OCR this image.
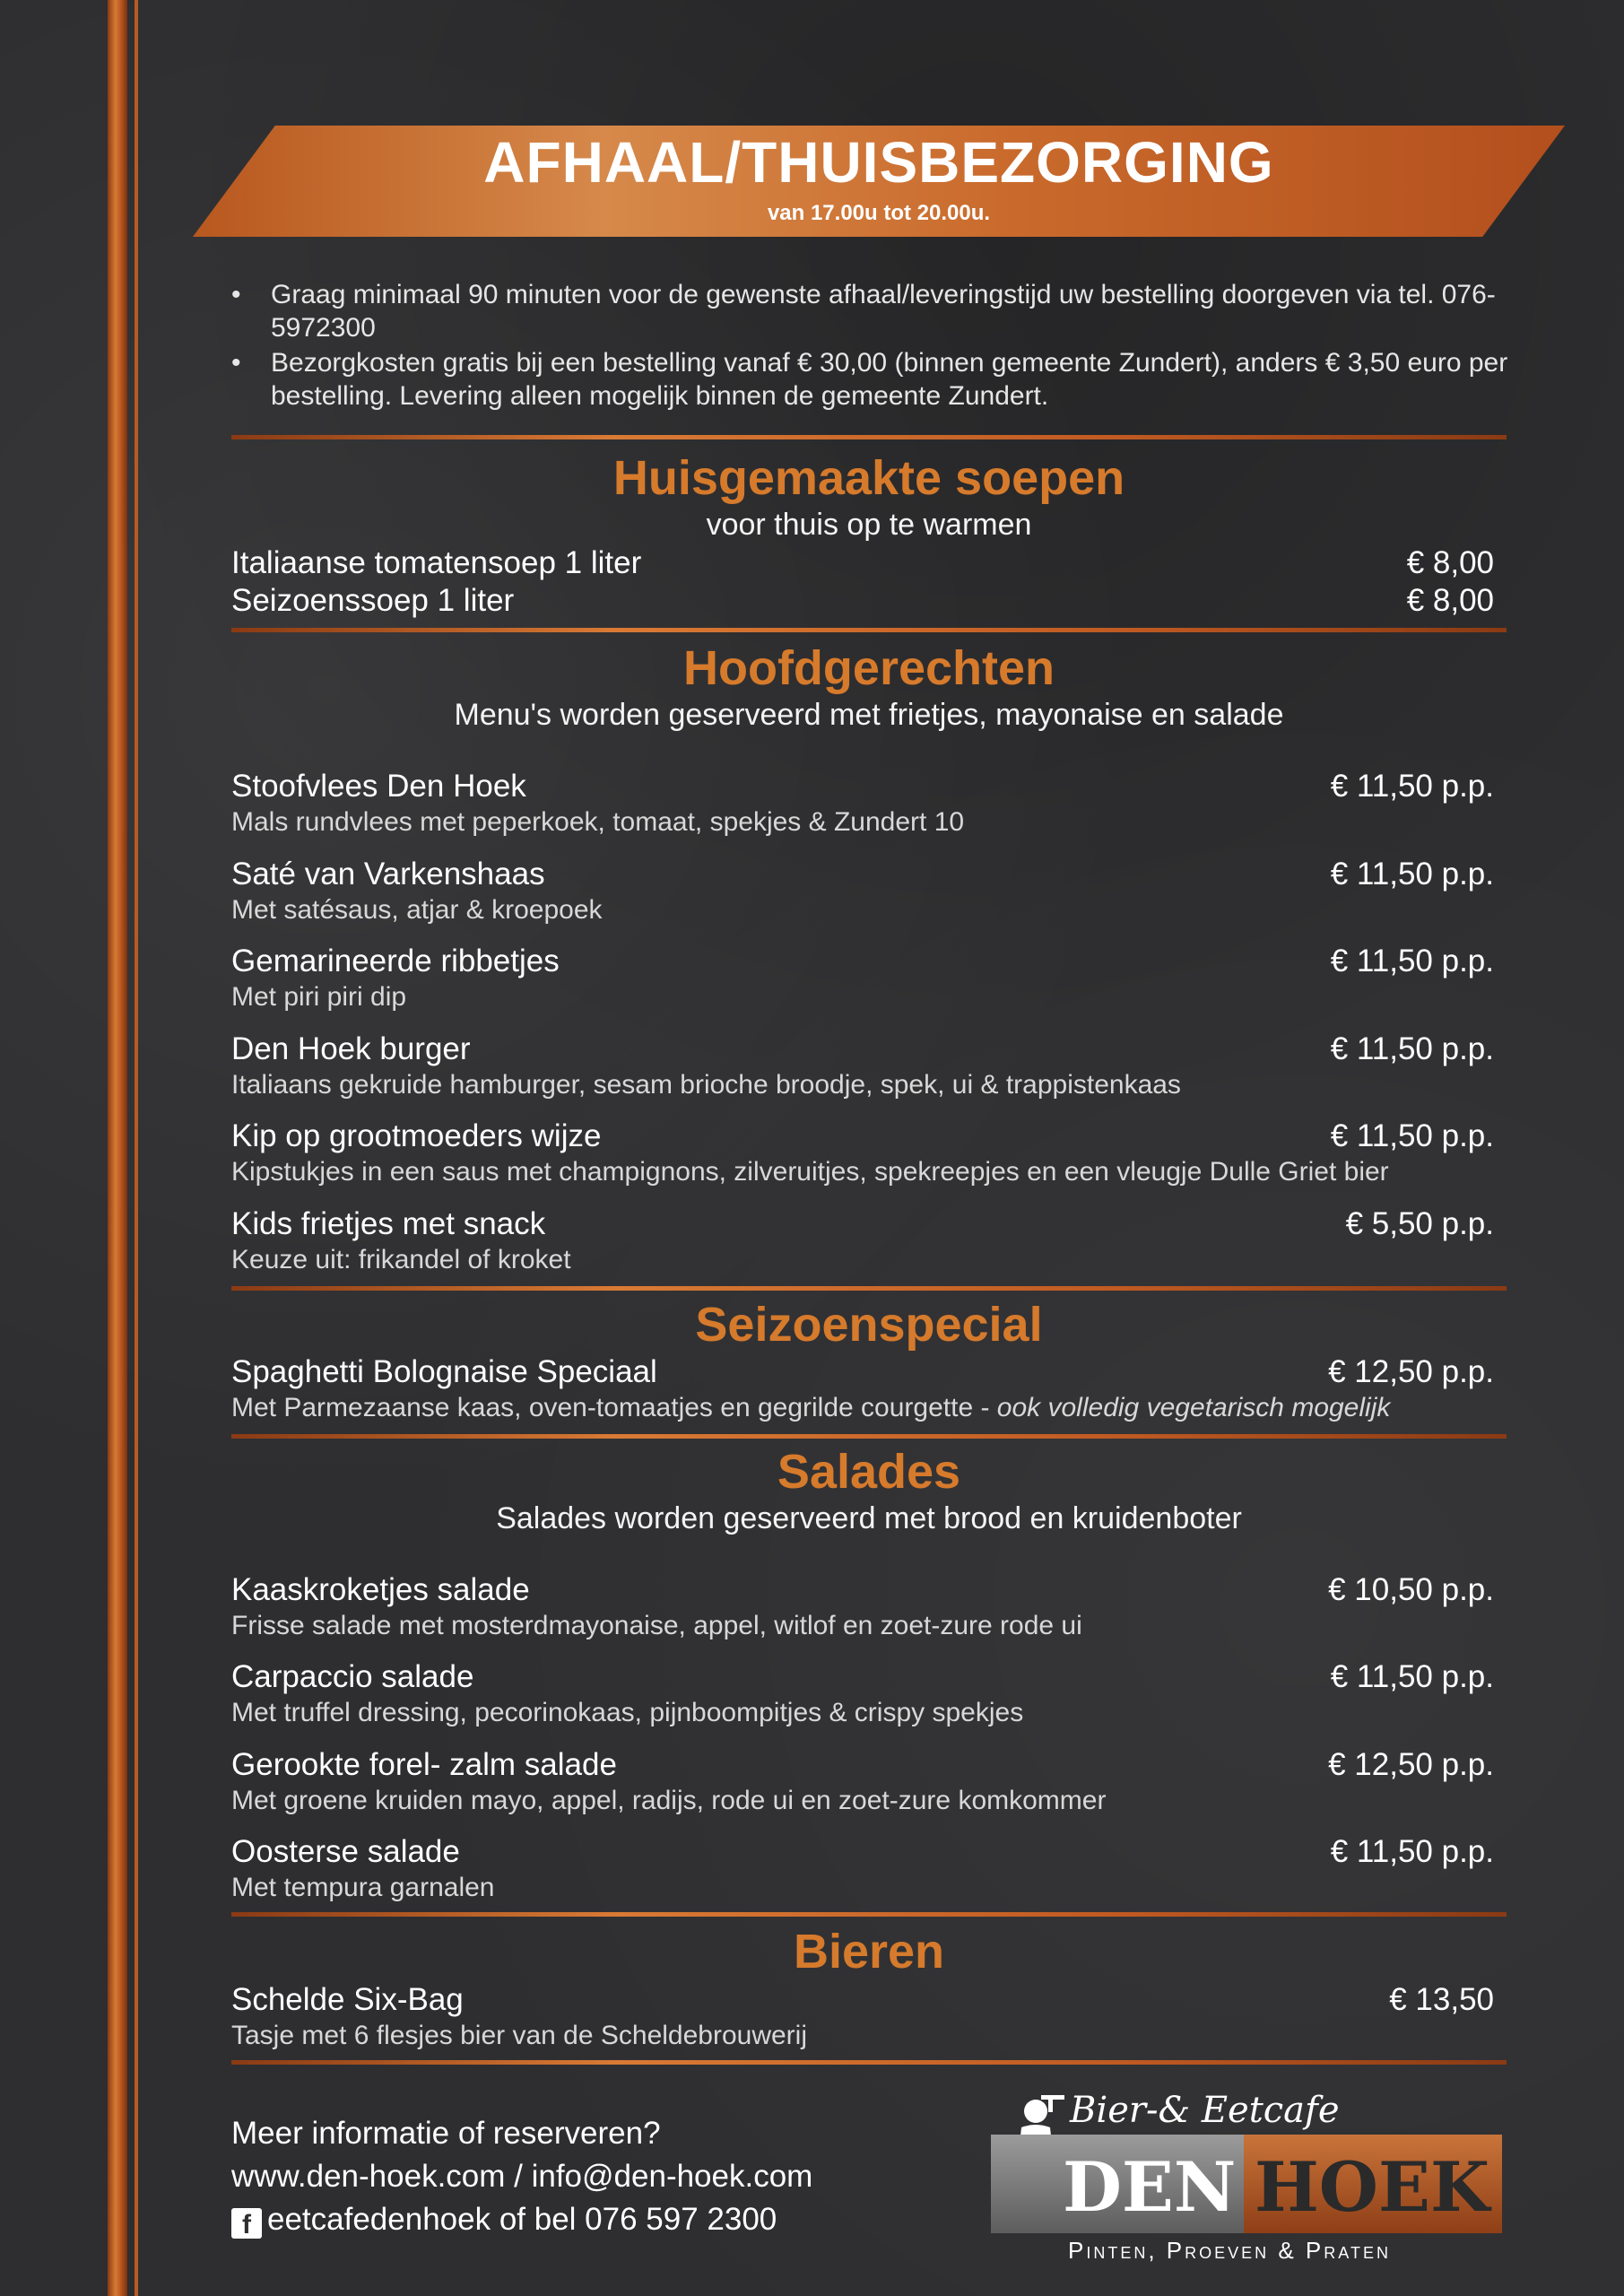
AFHAAL/THUISBEZORGING
van 17.00u tot 20.00u.
• Graag minimaal 90 minuten voor de gewenste afhaal/leveringstijd uw bestelling doorgeven via tel. 076- 5972300
• Bezorgkosten gratis bij een bestelling vanaf € 30,00 (binnen gemeente Zundert), anders € 3,50 euro per bestelling. Levering alleen mogelijk binnen de gemeente Zundert.
Huisgemaakte soepen
voor thuis op te warmen
Italiaanse tomatensoep 1 liter	€ 8,00
Seizoenssoep 1 liter	€ 8,00
Hoofdgerechten
Menu's worden geserveerd met frietjes, mayonaise en salade
Stoofvlees Den Hoek	€ 11,50 p.p.
Mals rundvlees met peperkoek, tomaat, spekjes & Zundert 10
Saté van Varkenshaas	€ 11,50 p.p.
Met satésaus, atjar & kroepoek
Gemarineerde ribbetjes	€ 11,50 p.p.
Met piri piri dip
Den Hoek burger	€ 11,50 p.p.
Italiaans gekruide hamburger, sesam brioche broodje, spek, ui & trappistenkaas
Kip op grootmoeders wijze	€ 11,50 p.p.
Kipstukjes in een saus met champignons, zilveruitjes, spekreepjes en een vleugje Dulle Griet bier
Kids frietjes met snack	€ 5,50 p.p.
Keuze uit: frikandel of kroket
Seizoenspecial
Spaghetti Bolognaise Speciaal	€ 12,50 p.p.
Met Parmezaanse kaas, oven-tomaatjes en gegrilde courgette - ook volledig vegetarisch mogelijk
Salades
Salades worden geserveerd met brood en kruidenboter
Kaaskroketjes salade	€ 10,50 p.p.
Frisse salade met mosterdmayonaise, appel, witlof en zoet-zure rode ui
Carpaccio salade	€ 11,50 p.p.
Met truffel dressing, pecorinokaas, pijnboompitjes & crispy spekjes
Gerookte forel- zalm salade	€ 12,50 p.p.
Met groene kruiden mayo, appel, radijs, rode ui en zoet-zure komkommer
Oosterse salade	€ 11,50 p.p.
Met tempura garnalen
Bieren
Schelde Six-Bag	€ 13,50
Tasje met 6 flesjes bier van de Scheldebrouwerij
Meer informatie of reserveren?
www.den-hoek.com / info@den-hoek.com
f eetcafedenhoek of bel 076 597 2300
Bier-& Eetcafe
DEN HOEK
Pinten, Proeven & Praten
